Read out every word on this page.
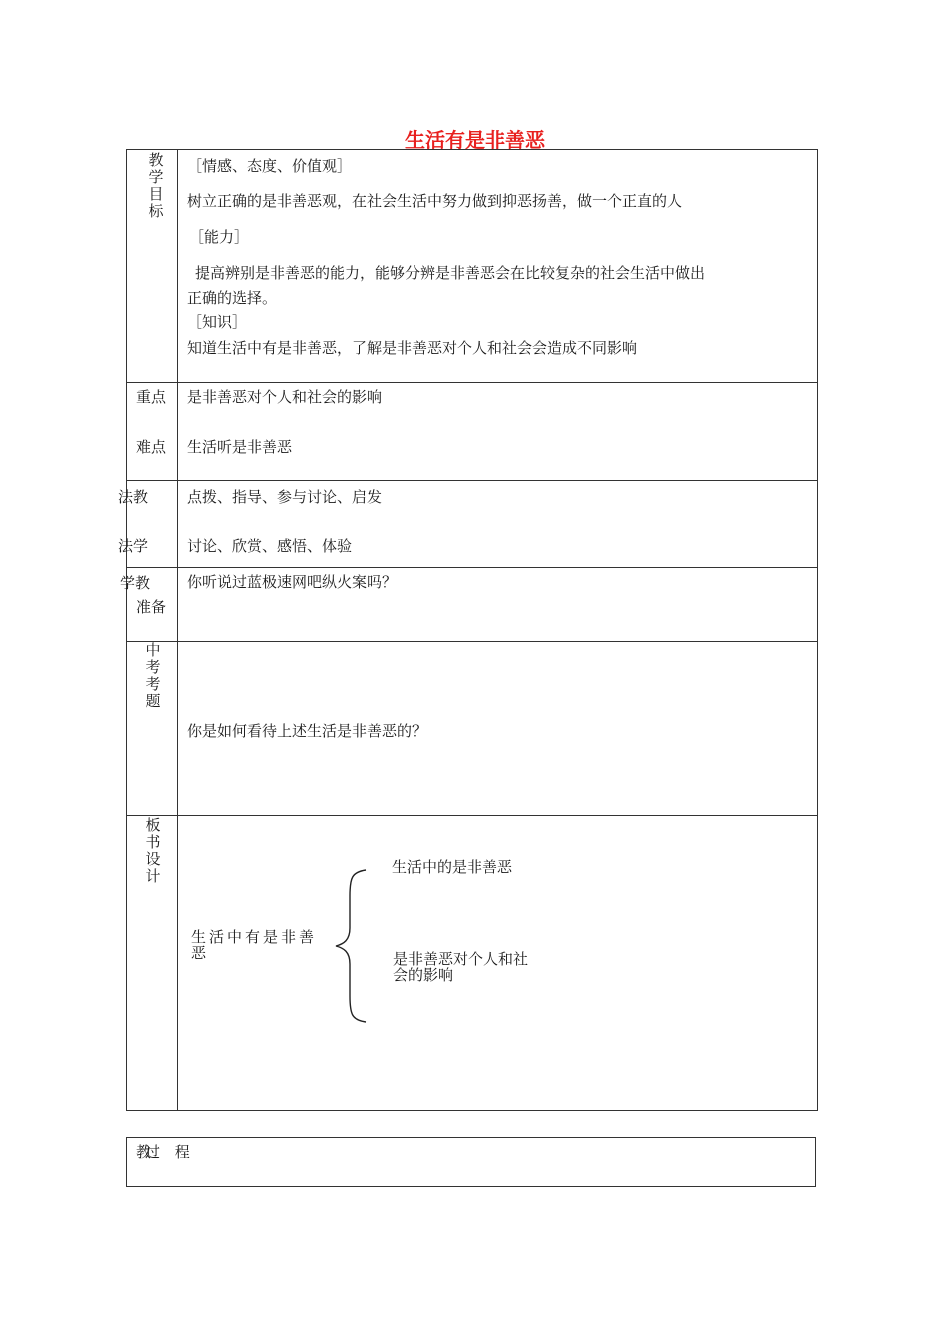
生活有是非善恶
教学目标
［情感、态度、价值观］
树立正确的是非善恶观，在社会生活中努力做到抑恶扬善，做一个正直的人
［能力］
提高辨别是非善恶的能力，能够分辨是非善恶会在比较复杂的社会生活中做出
正确的选择。
［知识］
知道生活中有是非善恶，了解是非善恶对个人和社会会造成不同影响
重点 是非善恶对个人和社会的影响
难点 生活听是非善恶
法教	点拨、指导、参与讨论、启发
法学	讨论、欣赏、感悟、体验
学教
准备
你听说过蓝极速网吧纵火案吗？
中考考题
你是如何看待上述生活是非善恶的？
板书设计
生活中有是非善
恶
生活中的是非善恶
是非善恶对个人和社
会的影响
教过 程
